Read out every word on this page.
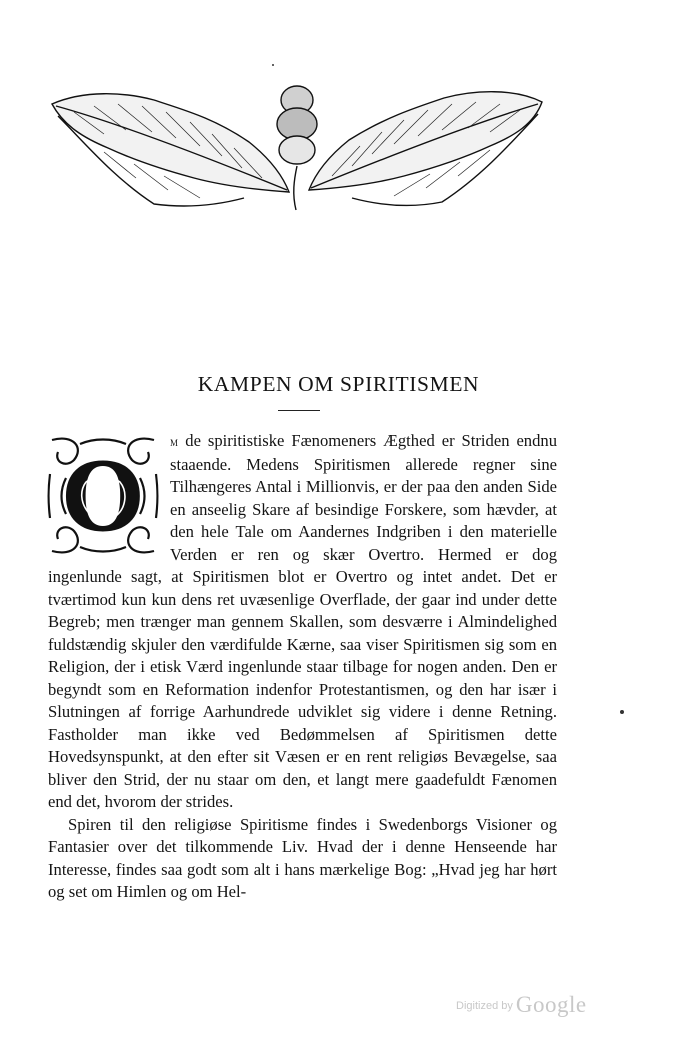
KAMPEN OM SPIRITISMEN
O

m de spiritistiske Fænomeners Ægthed er Striden endnu staaende. Medens Spiritismen allerede regner sine Tilhængeres Antal i Millionvis, er der paa den anden Side en anseelig Skare af besindige Forskere, som hævder, at den hele Tale om Aandernes Indgriben i den materielle Verden er ren og skær Overtro. Hermed er dog ingenlunde sagt, at Spiritismen blot er Overtro og intet andet. Det er tværtimod kun kun dens ret uvæsenlige Overflade, der gaar ind under dette Begreb; men trænger man gennem Skallen, som desværre i Almindelighed fuldstændig skjuler den værdifulde Kærne, saa viser Spiritismen sig som en Religion, der i etisk Værd ingenlunde staar tilbage for nogen anden. Den er begyndt som en Reformation indenfor Protestantismen, og den har især i Slutningen af forrige Aarhundrede udviklet sig videre i denne Retning. Fastholder man ikke ved Bedømmelsen af Spiritismen dette Hovedsynspunkt, at den efter sit Væsen er en rent religiøs Bevægelse, saa bliver den Strid, der nu staar om den, et langt mere gaadefuldt Fænomen end det, hvorom der strides.

Spiren til den religiøse Spiritisme findes i Swedenborgs Visioner og Fantasier over det tilkommende Liv. Hvad der i denne Henseende har Interesse, findes saa godt som alt i hans mærkelige Bog: „Hvad jeg har hørt og set om Himlen og om Hel-

Digitized by Google
